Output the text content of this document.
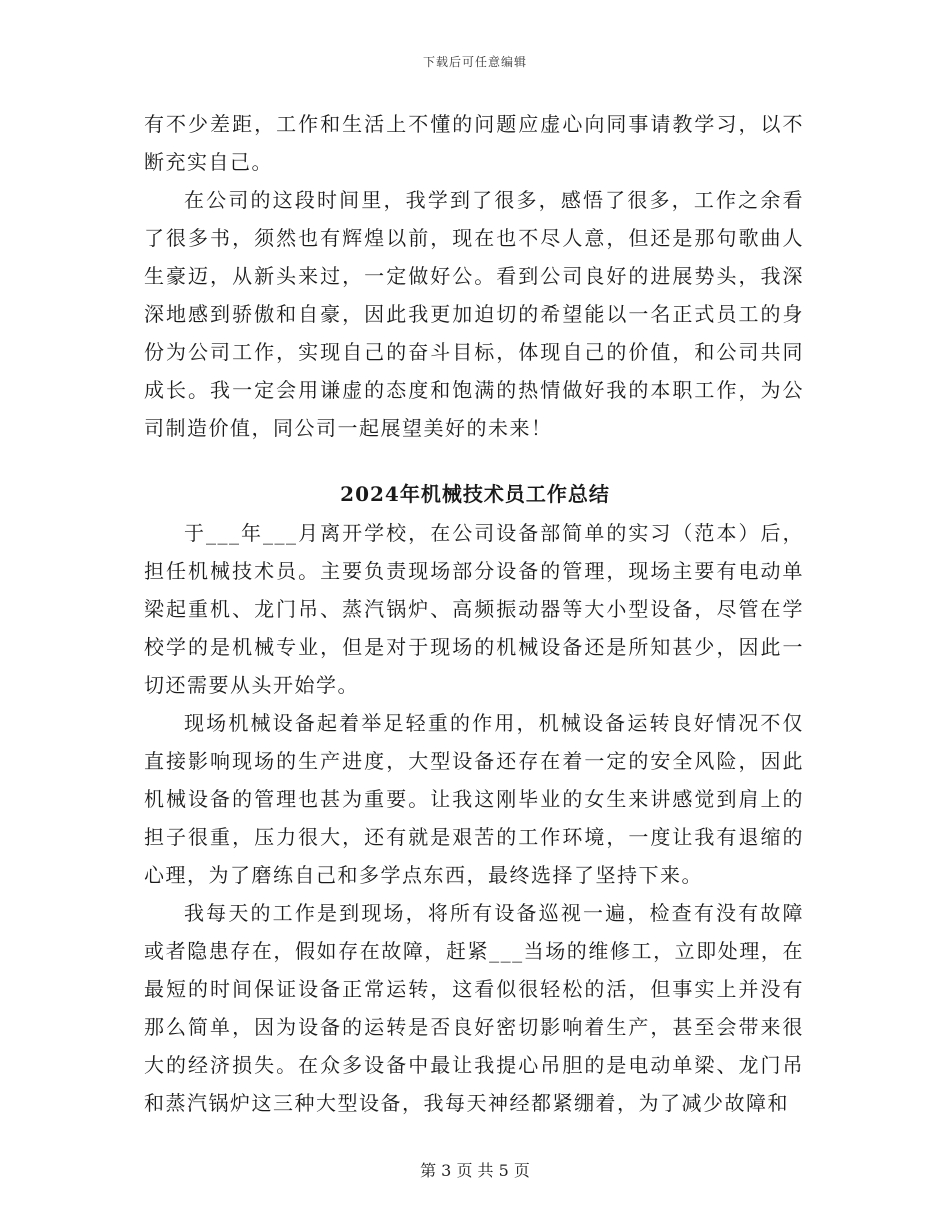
下载后可任意编辑

有不少差距，工作和生活上不懂的问题应虚心向同事请教学习，以不断充实自己。

在公司的这段时间里，我学到了很多，感悟了很多，工作之余看了很多书，须然也有辉煌以前，现在也不尽人意，但还是那句歌曲人生豪迈，从新头来过，一定做好公。看到公司良好的进展势头，我深深地感到骄傲和自豪，因此我更加迫切的希望能以一名正式员工的身份为公司工作，实现自己的奋斗目标，体现自己的价值，和公司共同成长。我一定会用谦虚的态度和饱满的热情做好我的本职工作，为公司制造价值，同公司一起展望美好的未来！

2024年机械技术员工作总结

于___年___月离开学校，在公司设备部简单的实习（范本）后，担任机械技术员。主要负责现场部分设备的管理，现场主要有电动单梁起重机、龙门吊、蒸汽锅炉、高频振动器等大小型设备，尽管在学校学的是机械专业，但是对于现场的机械设备还是所知甚少，因此一切还需要从头开始学。

现场机械设备起着举足轻重的作用，机械设备运转良好情况不仅直接影响现场的生产进度，大型设备还存在着一定的安全风险，因此机械设备的管理也甚为重要。让我这刚毕业的女生来讲感觉到肩上的担子很重，压力很大，还有就是艰苦的工作环境，一度让我有退缩的心理，为了磨练自己和多学点东西，最终选择了坚持下来。

我每天的工作是到现场，将所有设备巡视一遍，检查有没有故障或者隐患存在，假如存在故障，赶紧___当场的维修工，立即处理，在最短的时间保证设备正常运转，这看似很轻松的活，但事实上并没有那么简单，因为设备的运转是否良好密切影响着生产，甚至会带来很大的经济损失。在众多设备中最让我提心吊胆的是电动单梁、龙门吊和蒸汽锅炉这三种大型设备，我每天神经都紧绷着，为了减少故障和

第 3 页 共 5 页
